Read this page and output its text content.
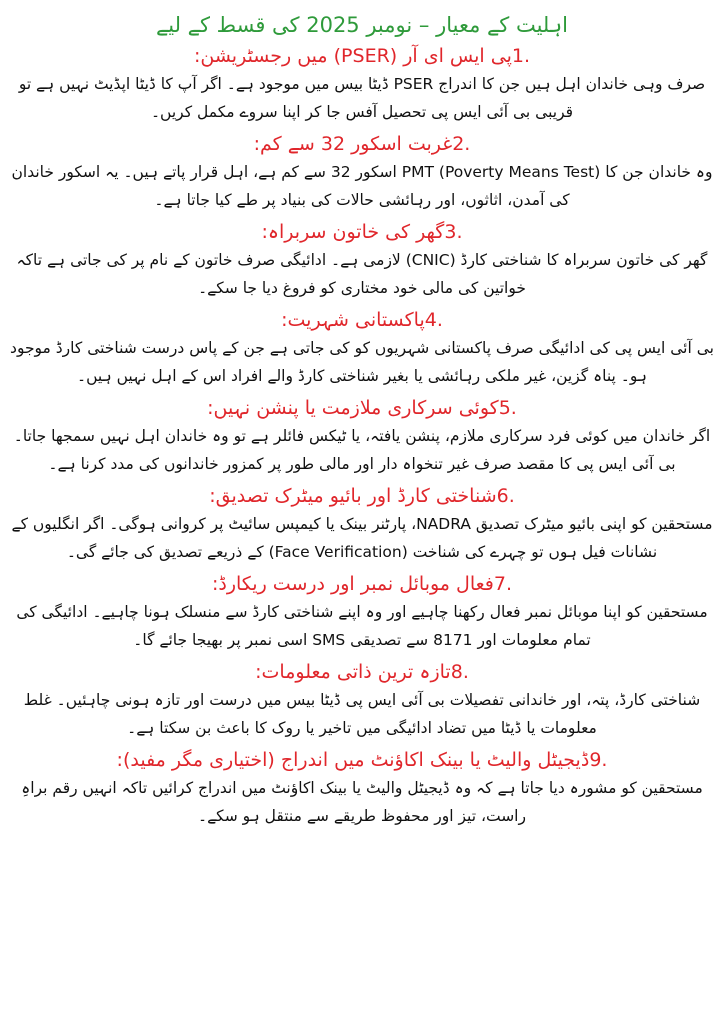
اہلیت کے معیار – نومبر 2025 کی قسط کے لیے
1.پی ایس ای آر (PSER) میں رجسٹریشن:

صرف وہی خاندان اہل ہیں جن کا اندراج PSER ڈیٹا بیس میں موجود ہے۔ اگر آپ کا ڈیٹا اپڈیٹ نہیں ہے تو قریبی بی آئی ایس پی تحصیل آفس جا کر اپنا سروے مکمل کریں۔

2.غربت اسکور 32 سے کم:

وہ خاندان جن کا PMT (Poverty Means Test) اسکور 32 سے کم ہے، اہل قرار پاتے ہیں۔ یہ اسکور خاندان کی آمدن، اثاثوں، اور رہائشی حالات کی بنیاد پر طے کیا جاتا ہے۔

3.گھر کی خاتون سربراہ:

گھر کی خاتون سربراہ کا شناختی کارڈ (CNIC) لازمی ہے۔ ادائیگی صرف خاتون کے نام پر کی جاتی ہے تاکہ خواتین کی مالی خود مختاری کو فروغ دیا جا سکے۔

4.پاکستانی شہریت:

بی آئی ایس پی کی ادائیگی صرف پاکستانی شہریوں کو کی جاتی ہے جن کے پاس درست شناختی کارڈ موجود ہو۔ پناہ گزین، غیر ملکی رہائشی یا بغیر شناختی کارڈ والے افراد اس کے اہل نہیں ہیں۔

5.کوئی سرکاری ملازمت یا پنشن نہیں:

اگر خاندان میں کوئی فرد سرکاری ملازم، پنشن یافتہ، یا ٹیکس فائلر ہے تو وہ خاندان اہل نہیں سمجھا جاتا۔ بی آئی ایس پی کا مقصد صرف غیر تنخواہ دار اور مالی طور پر کمزور خاندانوں کی مدد کرنا ہے۔

6.شناختی کارڈ اور بائیو میٹرک تصدیق:

مستحقین کو اپنی بائیو میٹرک تصدیق NADRA، پارٹنر بینک یا کیمپس سائیٹ پر کروانی ہوگی۔ اگر انگلیوں کے نشانات فیل ہوں تو چہرے کی شناخت (Face Verification) کے ذریعے تصدیق کی جائے گی۔

7.فعال موبائل نمبر اور درست ریکارڈ:

مستحقین کو اپنا موبائل نمبر فعال رکھنا چاہیے اور وہ اپنے شناختی کارڈ سے منسلک ہونا چاہیے۔ ادائیگی کی تمام معلومات اور 8171 سے تصدیقی SMS اسی نمبر پر بھیجا جائے گا۔

8.تازہ ترین ذاتی معلومات:

شناختی کارڈ، پتہ، اور خاندانی تفصیلات بی آئی ایس پی ڈیٹا بیس میں درست اور تازہ ہونی چاہئیں۔ غلط معلومات یا ڈیٹا میں تضاد ادائیگی میں تاخیر یا روک کا باعث بن سکتا ہے۔

9.ڈیجیٹل والیٹ یا بینک اکاؤنٹ میں اندراج (اختیاری مگر مفید):

مستحقین کو مشورہ دیا جاتا ہے کہ وہ ڈیجیٹل والیٹ یا بینک اکاؤنٹ میں اندراج کرائیں تاکہ انہیں رقم براہِ راست، تیز اور محفوظ طریقے سے منتقل ہو سکے۔
